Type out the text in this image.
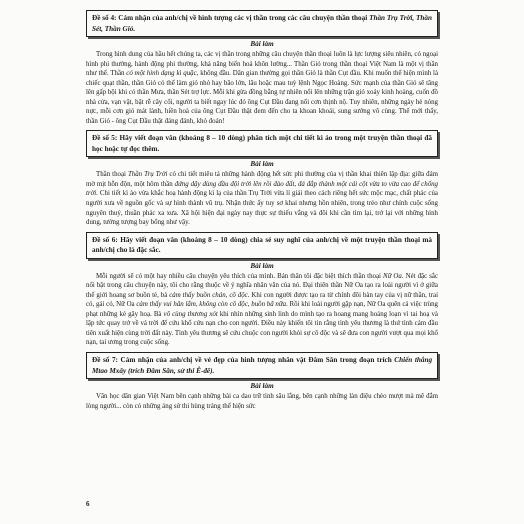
Đề số 4: Cảm nhận của anh/chị về hình tượng các vị thần trong các câu chuyện thần thoại Thần Trụ Trời, Thần Sét, Thần Gió.
Bài làm
Trong hình dung của hầu hết chúng ta, các vị thần trong những câu chuyện thần thoại luôn là lực lượng siêu nhiên, có ngoại hình phi thường, hành động phi thường, khả năng biến hoá khôn lường... Thần Gió trong thần thoại Việt Nam là một vị thần như thế. Thần có một hình dạng kì quặc, không đầu. Dân gian thường gọi thần Gió là thần Cụt đầu. Khi muốn thể hiện mình là chiếc quạt thần, thần Gió có thể làm gió nhỏ hay bão lớn, lâu hoặc mau tuỳ lệnh Ngọc Hoàng. Sức mạnh của thần Gió sẽ tăng lên gấp bội khi có thần Mưa, thần Sét trợ lực. Mỗi khi gừa đồng bằng tự nhiên nổi lên những trận gió xoáy kinh hoàng, cuốn đồ nhà cửa, vạn vật, bật rễ cây cối, người ta biết ngay lúc đó ông Cụt Đầu đang nổi cơn thịnh nộ. Tuy nhiên, những ngày hè nóng nực, mỗi cơn gió mát lành, hiền hoà của ông Cụt Đầu thật đem đến cho ta khoan khoái, sung sướng vô cùng. Thế mới thấy, thần Gió - ông Cụt Đầu thật đáng đánh, khó đoán!
Đề số 5: Hãy viết đoạn văn (khoảng 8 – 10 dòng) phân tích một chi tiết kì ảo trong một truyện thần thoại đã học hoặc tự đọc thêm.
Bài làm
Thần thoại Thần Trụ Trời có chi tiết miêu tả những hành động hết sức phi thường của vị thần khai thiên lập địa: giữa đám mờ mịt hỗn độn, một hôm thần đứng dậy dùng đầu đội trời lên rồi đào đất, đá đắp thành một cái cột vừa to vừa cao để chống trời. Chi tiết kì ảo vừa khắc hoạ hành động kì lạ của thần Trụ Trời vừa lí giải theo cách riêng hết sức mộc mạc, chất phác của người xưa về nguồn gốc và sự hình thành vũ trụ. Nhận thức ấy tuy sơ khai nhưng hồn nhiên, trong trẻo như chính cuộc sống nguyên thuỷ, thuần phác xa xưa. Xã hội hiện đại ngày nay thực sự thiếu vắng và đôi khi cần tìm lại, trở lại với những hình dung, tưởng tượng bay bổng như vậy.
Đề số 6: Hãy viết đoạn văn (khoảng 8 – 10 dòng) chia sẻ suy nghĩ của anh/chị về một truyện thần thoại mà anh/chị cho là đặc sắc.
Bài làm
Mỗi người sẽ có một hay nhiều câu chuyện yêu thích của mình. Bản thân tôi đặc biệt thích thần thoại Nữ Oa. Nét đặc sắc nổi bật trong câu chuyện này, tôi cho rằng thuộc về ý nghĩa nhân văn của nó. Đại thiên thần Nữ Oa tạo ra loài người vì ở giữa thế giới hoang sơ buồn tẻ, bà cảm thấy buồn chán, cô độc. Khi con người được tạo ra từ chính đôi bàn tay của vị nữ thần, trai có, gái có, Nữ Oa cảm thấy vui hân lắm, không còn cô độc, buồn bã nữa. Rồi khi loài người gặp nạn, Nữ Oa quên cả việc trùng phạt những kẻ gây hoạ. Bà vô cùng thương xót khi nhìn những sinh linh do mình tạo ra hoang mang hoảng loạn vì tai hoạ và lập tức quay trở về vá trời để cứu khổ cứu nạn cho con người. Điều này khiến tôi tin rằng tình yêu thương là thứ tình cảm đầu tiên xuất hiện cùng trời đất này. Tình yêu thương sẽ cứu chuộc con người khỏi sự cô độc và sẽ đưa con người vượt qua mọi khổ nạn, tai ương trong cuộc sống.
Đề số 7: Cảm nhận của anh/chị về vẻ đẹp của hình tượng nhân vật Đăm Săn trong đoạn trích Chiến thắng Mtao Mxây (trích Đăm Săn, sử thi Ê-đê).
Bài làm
Văn học dân gian Việt Nam bên cạnh những bài ca dao trữ tình sâu lắng, bên cạnh những làn điệu chèo mượt mà mê đắm lòng người... còn có những áng sử thi hùng tráng thể hiện sức
6
